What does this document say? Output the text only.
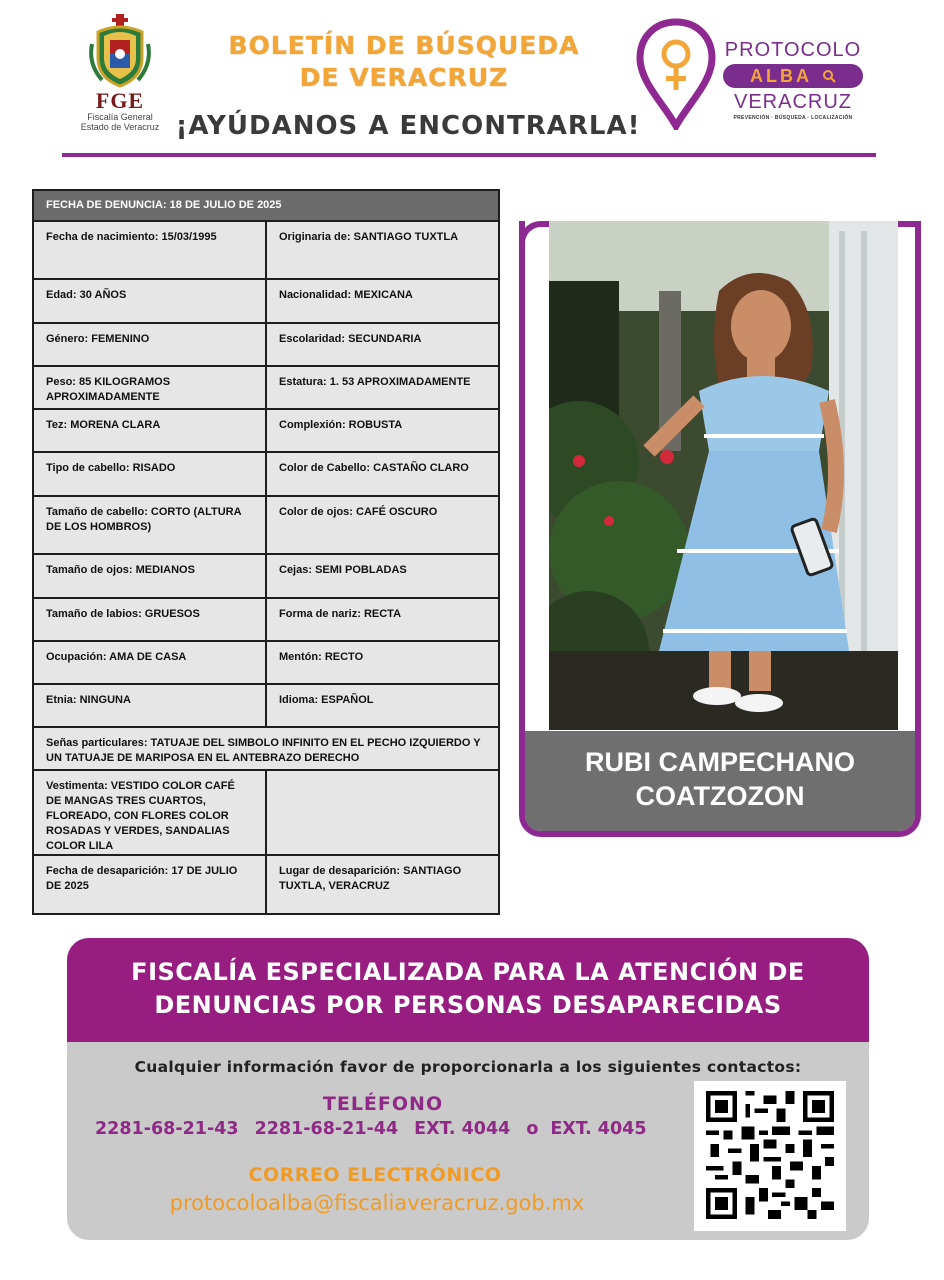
FGE
Fiscalía General
Estado de Veracruz
BOLETÍN DE BÚSQUEDA
DE VERACRUZ
¡AYÚDANOS A ENCONTRARLA!
PROTOCOLO
ALBA
VERACRUZ
PREVENCIÓN · BÚSQUEDA · LOCALIZACIÓN
FECHA DE DENUNCIA: 18 DE JULIO DE 2025	
Fecha de nacimiento: 15/03/1995	Originaria de: SANTIAGO TUXTLA
Edad: 30 AÑOS	Nacionalidad: MEXICANA
Género: FEMENINO	Escolaridad: SECUNDARIA
Peso: 85 KILOGRAMOS APROXIMADAMENTE	Estatura: 1. 53 APROXIMADAMENTE
Tez: MORENA CLARA	Complexión: ROBUSTA
Tipo de cabello: RISADO	Color de Cabello: CASTAÑO CLARO
Tamaño de cabello: CORTO (ALTURA DE LOS HOMBROS)	Color de ojos: CAFÉ OSCURO
Tamaño de ojos: MEDIANOS	Cejas: SEMI POBLADAS
Tamaño de labios: GRUESOS	Forma de nariz: RECTA
Ocupación: AMA DE CASA	Mentón: RECTO
Etnia: NINGUNA	Idioma: ESPAÑOL
Señas particulares: TATUAJE DEL SIMBOLO INFINITO EN EL PECHO IZQUIERDO Y UN TATUAJE DE MARIPOSA EN EL ANTEBRAZO DERECHO	
Vestimenta: VESTIDO COLOR CAFÉ DE MANGAS TRES CUARTOS, FLOREADO, CON FLORES COLOR ROSADAS Y VERDES, SANDALIAS COLOR LILA	
Fecha de desaparición: 17 DE JULIO DE 2025	Lugar de desaparición: SANTIAGO TUXTLA, VERACRUZ
RUBI CAMPECHANO
COATZOZON
FISCALÍA ESPECIALIZADA PARA LA ATENCIÓN DE
DENUNCIAS POR PERSONAS DESAPARECIDAS
Cualquier información favor de proporcionarla a los siguientes contactos:
TELÉFONO
2281-68-21-43 2281-68-21-44 EXT. 4044 o EXT. 4045
CORREO ELECTRÓNICO
protocoloalba@fiscaliaveracruz.gob.mx
